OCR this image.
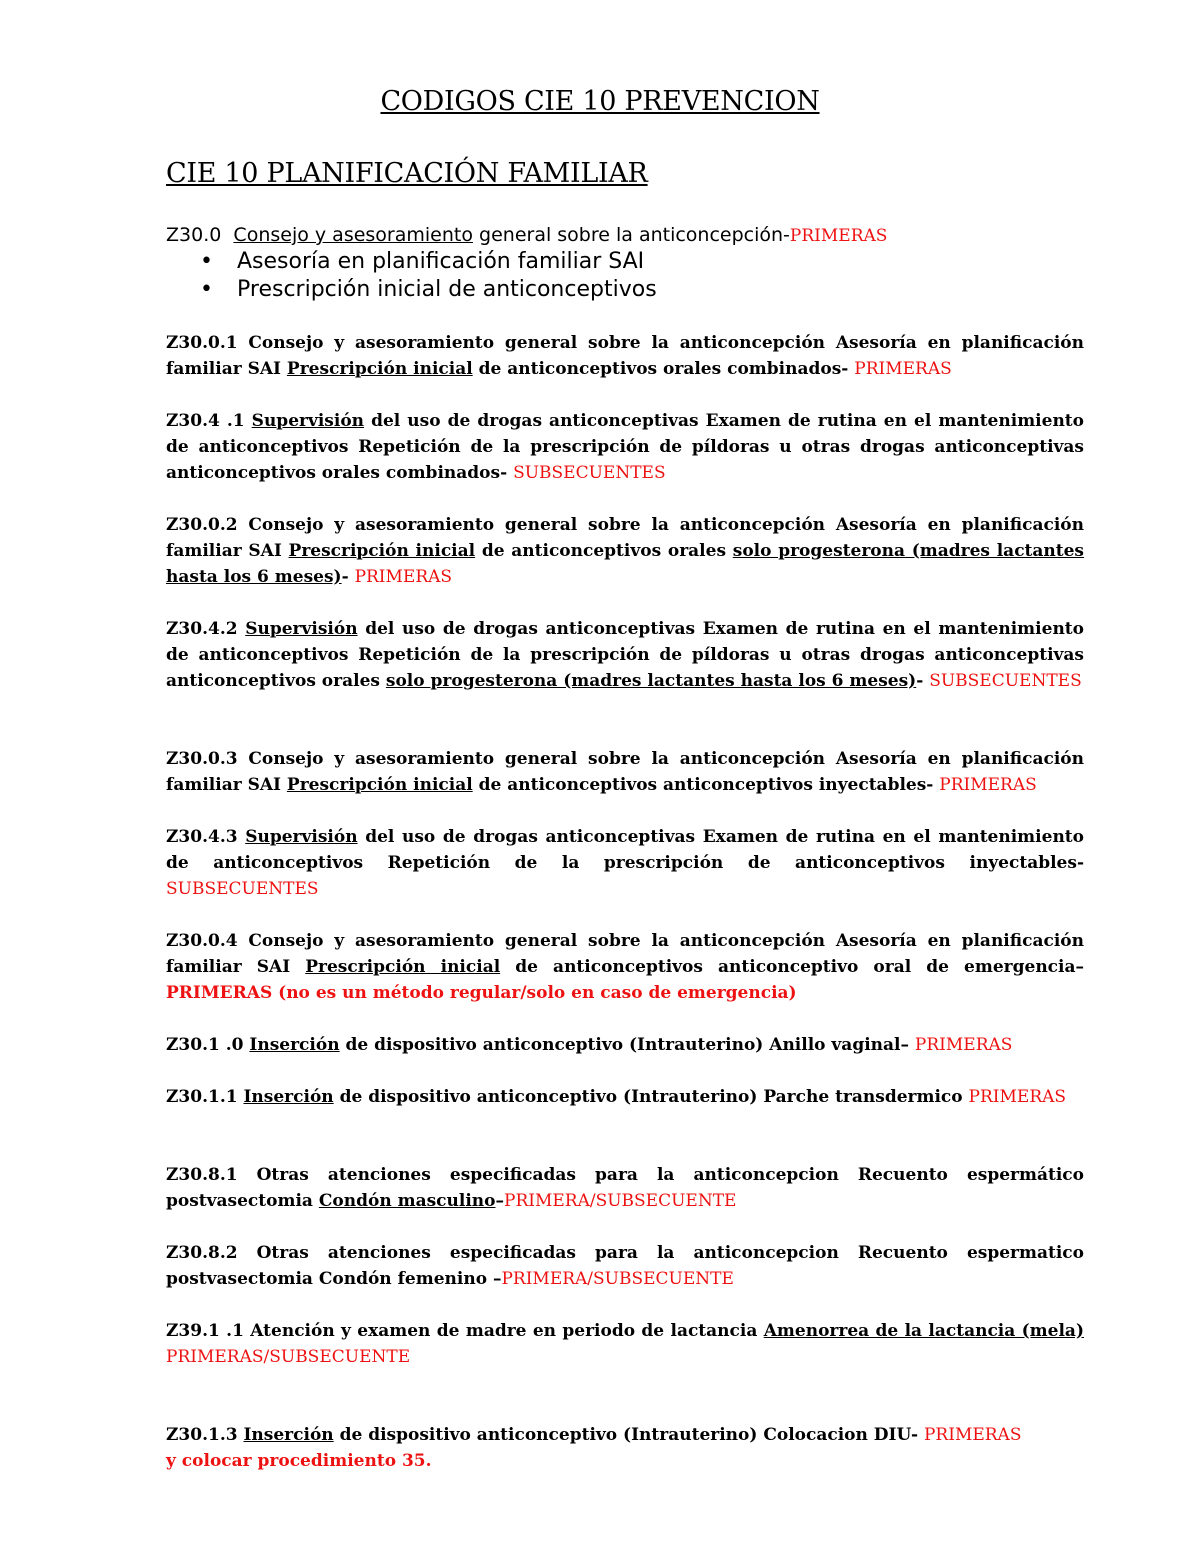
CODIGOS CIE 10 PREVENCION
CIE 10 PLANIFICACIÓN FAMILIAR

Z30.0 Consejo y asesoramiento general sobre la anticoncepción-PRIMERAS

• Asesoría en planificación familiar SAI
• Prescripción inicial de anticonceptivos

Z30.0.1 Consejo y asesoramiento general sobre la anticoncepción Asesoría en planificación familiar SAI Prescripción inicial de anticonceptivos orales combinados- PRIMERAS

Z30.4 .1 Supervisión del uso de drogas anticonceptivas Examen de rutina en el mantenimiento de anticonceptivos Repetición de la prescripción de píldoras u otras drogas anticonceptivas anticonceptivos orales combinados- SUBSECUENTES

Z30.0.2 Consejo y asesoramiento general sobre la anticoncepción Asesoría en planificación familiar SAI Prescripción inicial de anticonceptivos orales solo progesterona (madres lactantes hasta los 6 meses)- PRIMERAS

Z30.4.2 Supervisión del uso de drogas anticonceptivas Examen de rutina en el mantenimiento de anticonceptivos Repetición de la prescripción de píldoras u otras drogas anticonceptivas anticonceptivos orales solo progesterona (madres lactantes hasta los 6 meses)- SUBSECUENTES

Z30.0.3 Consejo y asesoramiento general sobre la anticoncepción Asesoría en planificación familiar SAI Prescripción inicial de anticonceptivos anticonceptivos inyectables- PRIMERAS

Z30.4.3 Supervisión del uso de drogas anticonceptivas Examen de rutina en el mantenimiento de anticonceptivos Repetición de la prescripción de anticonceptivos inyectables- SUBSECUENTES

Z30.0.4 Consejo y asesoramiento general sobre la anticoncepción Asesoría en planificación familiar SAI Prescripción inicial de anticonceptivos anticonceptivo oral de emergencia– PRIMERAS (no es un método regular/solo en caso de emergencia)

Z30.1 .0 Inserción de dispositivo anticonceptivo (Intrauterino) Anillo vaginal– PRIMERAS

Z30.1.1 Inserción de dispositivo anticonceptivo (Intrauterino) Parche transdermico PRIMERAS

Z30.8.1 Otras atenciones especificadas para la anticoncepcion Recuento espermático postvasectomia Condón masculino–PRIMERA/SUBSECUENTE

Z30.8.2 Otras atenciones especificadas para la anticoncepcion Recuento espermatico postvasectomia Condón femenino –PRIMERA/SUBSECUENTE

Z39.1 .1 Atención y examen de madre en periodo de lactancia Amenorrea de la lactancia (mela) PRIMERAS/SUBSECUENTE

Z30.1.3 Inserción de dispositivo anticonceptivo (Intrauterino) Colocacion DIU- PRIMERAS
y colocar procedimiento 35.
